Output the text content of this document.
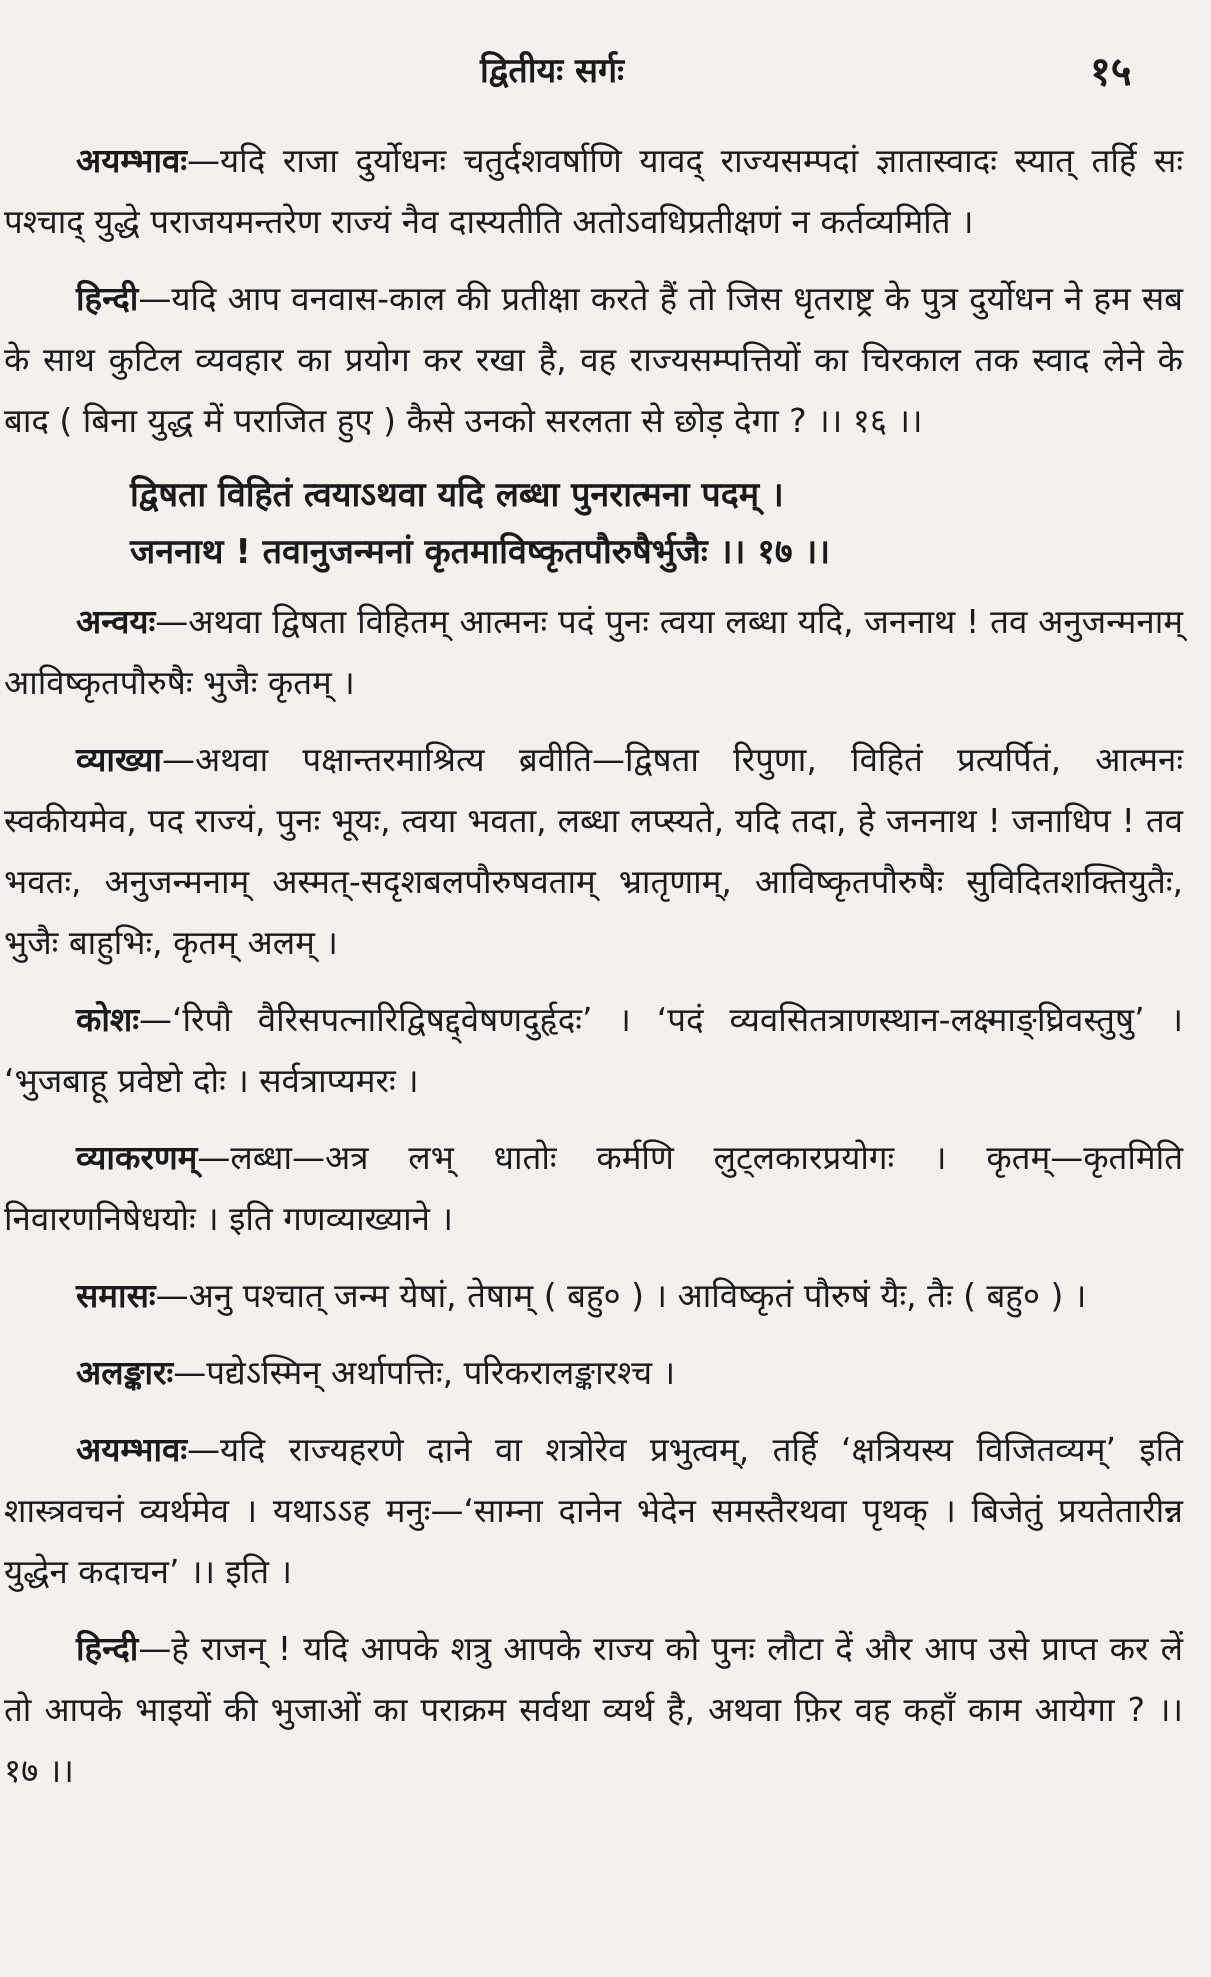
द्वितीयः सर्गः	१५

अयम्भावः—यदि राजा दुर्योधनः चतुर्दशवर्षाणि यावद् राज्यसम्पदां ज्ञातास्वादः स्यात् तर्हि सः पश्चाद् युद्धे पराजयमन्तरेण राज्यं नैव दास्यतीति अतोऽवधिप्रतीक्षणं न कर्तव्यमिति ।

हिन्दी—यदि आप वनवास-काल की प्रतीक्षा करते हैं तो जिस धृतराष्ट्र के पुत्र दुर्योधन ने हम सब के साथ कुटिल व्यवहार का प्रयोग कर रखा है, वह राज्यसम्पत्तियों का चिरकाल तक स्वाद लेने के बाद ( बिना युद्ध में पराजित हुए ) कैसे उनको सरलता से छोड़ देगा ? ।। १६ ।।

द्विषता विहितं त्वयाऽथवा यदि लब्धा पुनरात्मना पदम् ।
जननाथ ! तवानुजन्मनां कृतमाविष्कृतपौरुषैर्भुजैः ।। १७ ।।

अन्वयः—अथवा द्विषता विहितम् आत्मनः पदं पुनः त्वया लब्धा यदि, जननाथ ! तव अनुजन्मनाम् आविष्कृतपौरुषैः भुजैः कृतम् ।

व्याख्या—अथवा पक्षान्तरमाश्रित्य ब्रवीति—द्विषता रिपुणा, विहितं प्रत्यर्पितं, आत्मनः स्वकीयमेव, पद राज्यं, पुनः भूयः, त्वया भवता, लब्धा लप्स्यते, यदि तदा, हे जननाथ ! जनाधिप ! तव भवतः, अनुजन्मनाम् अस्मत्-सदृशबलपौरुषवताम् भ्रातृणाम्, आविष्कृतपौरुषैः सुविदितशक्तियुतैः, भुजैः बाहुभिः, कृतम् अलम् ।

कोशः—‘रिपौ वैरिसपत्नारिद्विषद्द्वेषणदुर्हृदः’ । ‘पदं व्यवसितत्राणस्थान-लक्ष्माङ्घ्रिवस्तुषु’ । ‘भुजबाहू प्रवेष्टो दोः । सर्वत्राप्यमरः ।

व्याकरणम्—लब्धा—अत्र लभ् धातोः कर्मणि लुट्लकारप्रयोगः । कृतम्—कृतमिति निवारणनिषेधयोः । इति गणव्याख्याने ।

समासः—अनु पश्चात् जन्म येषां, तेषाम् ( बहु० ) । आविष्कृतं पौरुषं यैः, तैः ( बहु० ) ।

अलङ्कारः—पद्येऽस्मिन् अर्थापत्तिः, परिकरालङ्कारश्च ।

अयम्भावः—यदि राज्यहरणे दाने वा शत्रोरेव प्रभुत्वम्, तर्हि ‘क्षत्रियस्य विजितव्यम्’ इति शास्त्रवचनं व्यर्थमेव । यथाऽऽह मनुः—‘साम्ना दानेन भेदेन समस्तैरथवा पृथक् । बिजेतुं प्रयतेतारीन्न युद्धेन कदाचन’ ।। इति ।

हिन्दी—हे राजन् ! यदि आपके शत्रु आपके राज्य को पुनः लौटा दें और आप उसे प्राप्त कर लें तो आपके भाइयों की भुजाओं का पराक्रम सर्वथा व्यर्थ है, अथवा फ़िर वह कहाँ काम आयेगा ? ।। १७ ।।
